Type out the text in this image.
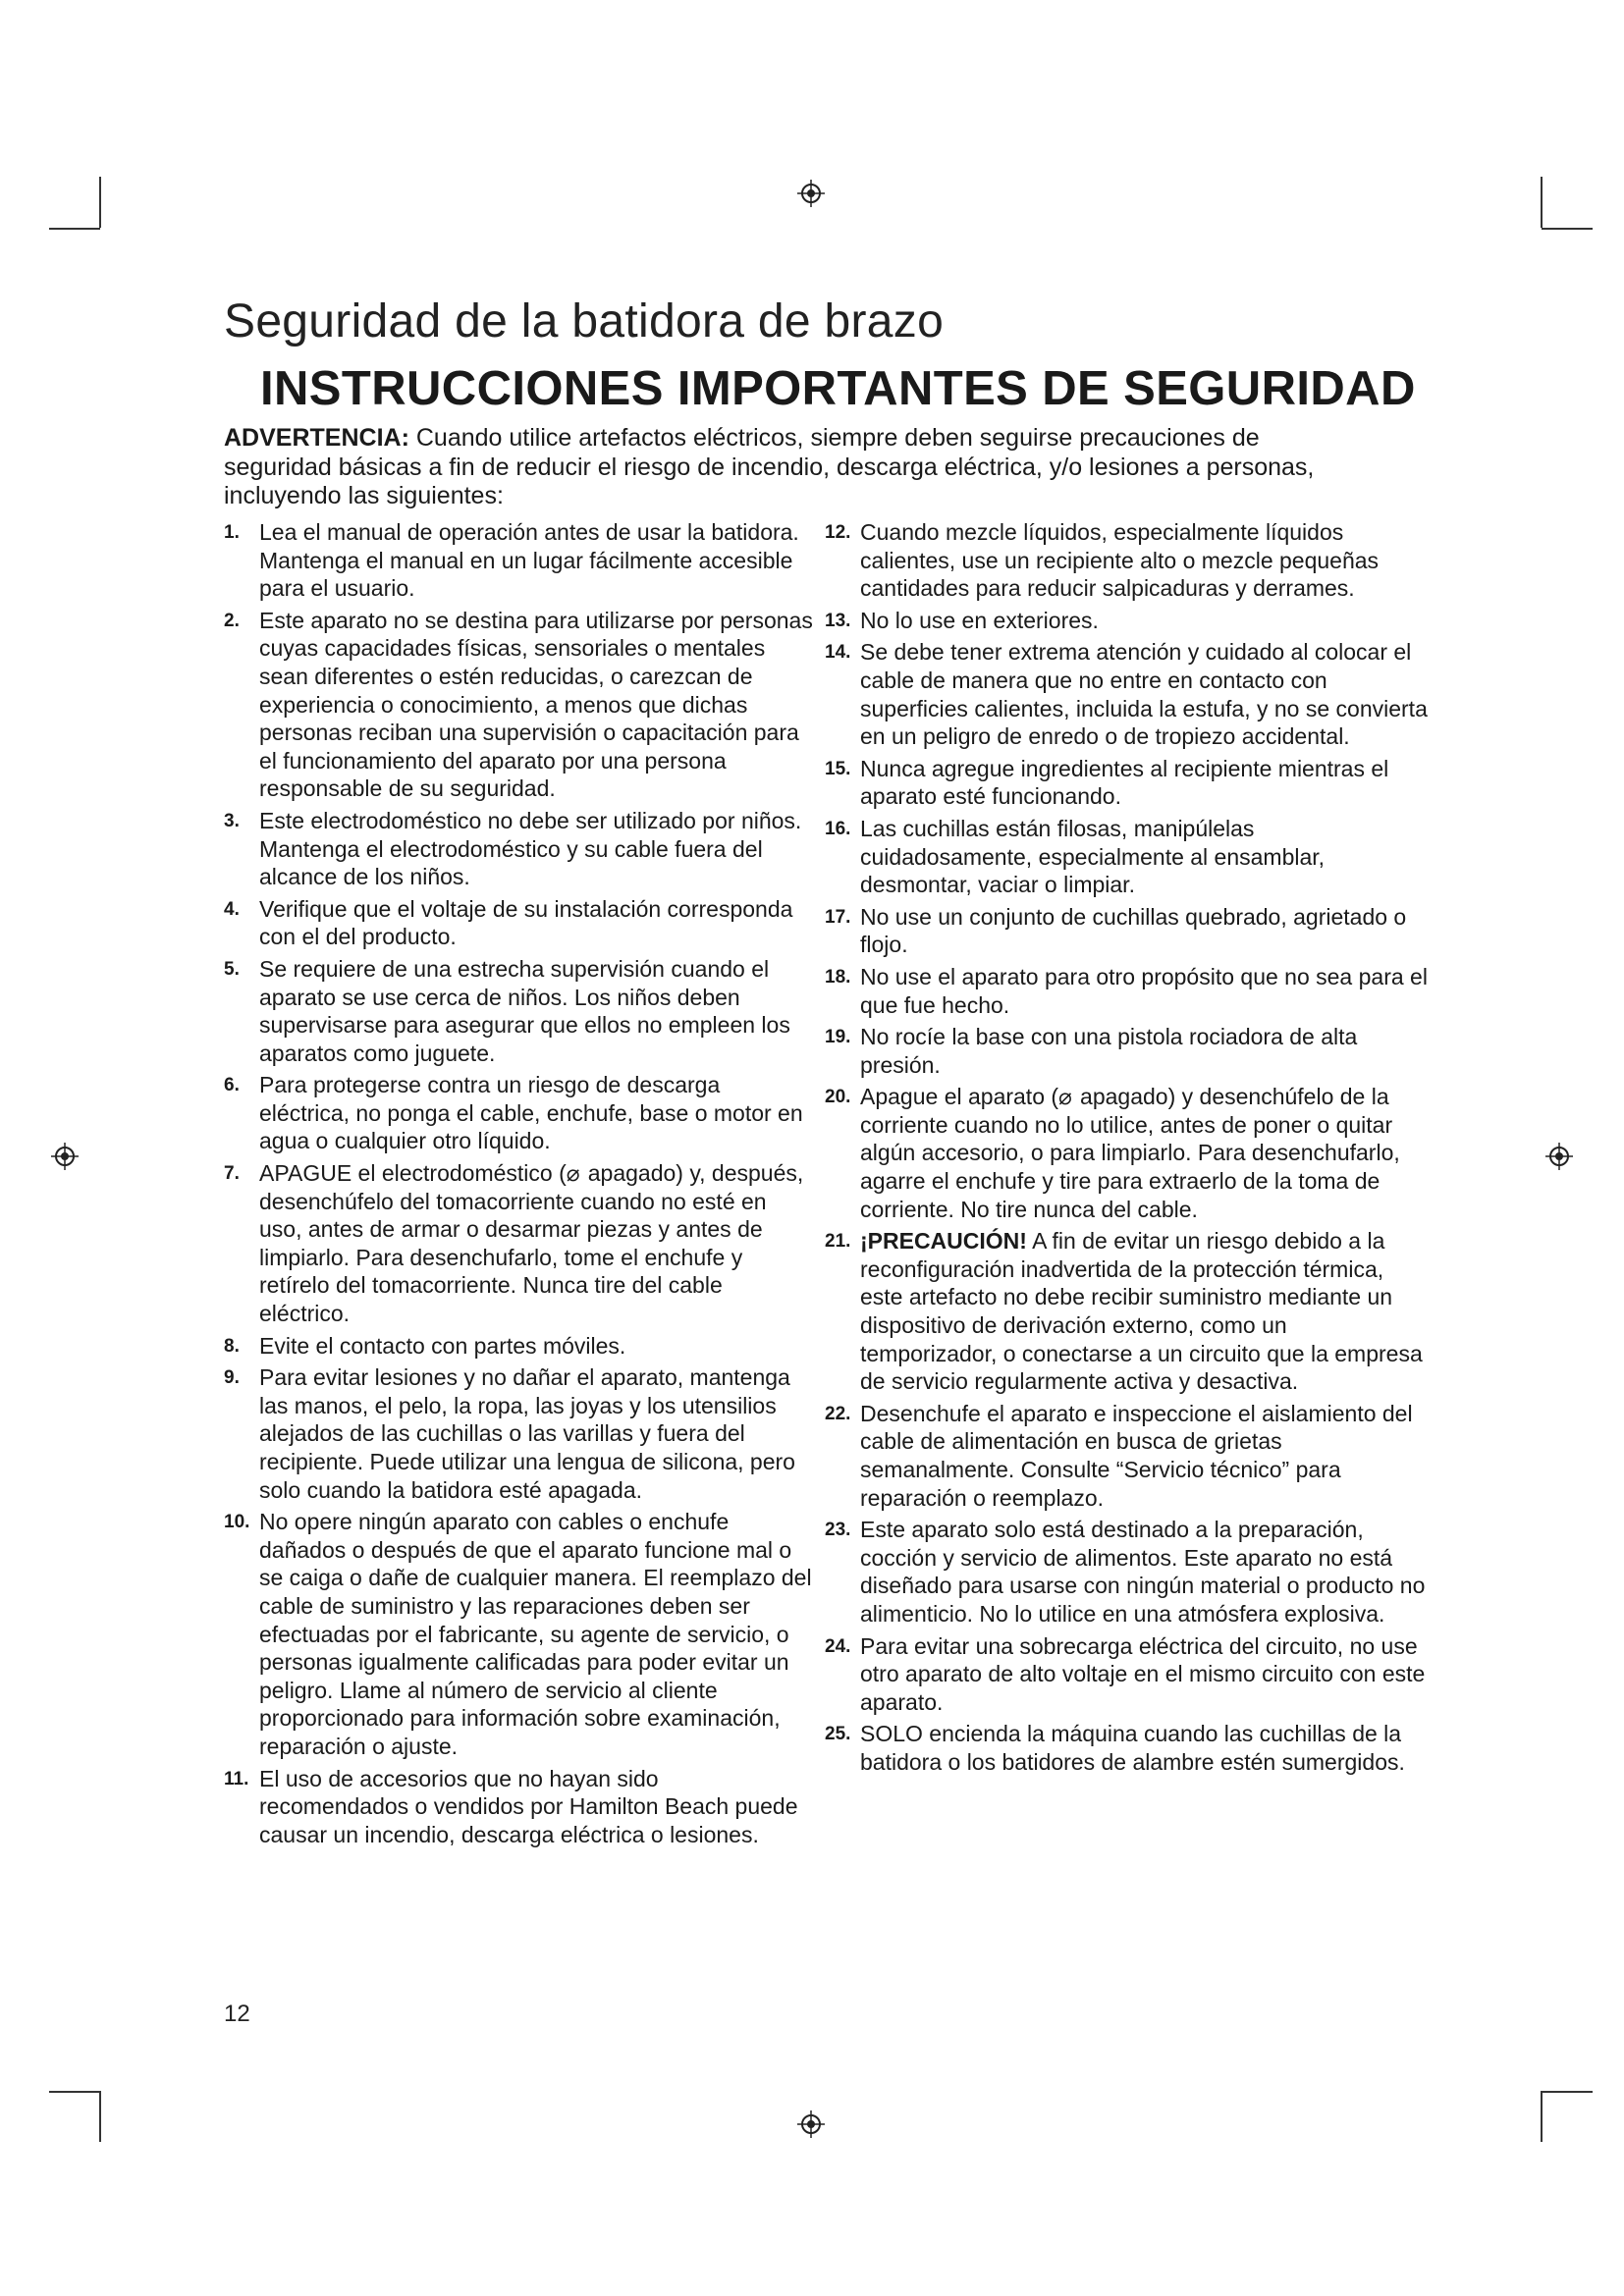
Seguridad de la batidora de brazo
INSTRUCCIONES IMPORTANTES DE SEGURIDAD

ADVERTENCIA: Cuando utilice artefactos eléctricos, siempre deben seguirse precauciones de seguridad básicas a fin de reducir el riesgo de incendio, descarga eléctrica, y/o lesiones a personas, incluyendo las siguientes:

1. Lea el manual de operación antes de usar la batidora. Mantenga el manual en un lugar fácilmente accesible para el usuario.
2. Este aparato no se destina para utilizarse por personas cuyas capacidades físicas, sensoriales o mentales sean diferentes o estén reducidas, o carezcan de experiencia o conocimiento, a menos que dichas personas reciban una supervisión o capacitación para el funcionamiento del aparato por una persona responsable de su seguridad.
3. Este electrodoméstico no debe ser utilizado por niños. Mantenga el electrodoméstico y su cable fuera del alcance de los niños.
4. Verifique que el voltaje de su instalación corresponda con el del producto.
5. Se requiere de una estrecha supervisión cuando el aparato se use cerca de niños. Los niños deben supervisarse para asegurar que ellos no empleen los aparatos como juguete.
6. Para protegerse contra un riesgo de descarga eléctrica, no ponga el cable, enchufe, base o motor en agua o cualquier otro líquido.
7. APAGUE el electrodoméstico (⌀ apagado) y, después, desenchúfelo del tomacorriente cuando no esté en uso, antes de armar o desarmar piezas y antes de limpiarlo. Para desenchufarlo, tome el enchufe y retírelo del tomacorriente. Nunca tire del cable eléctrico.
8. Evite el contacto con partes móviles.
9. Para evitar lesiones y no dañar el aparato, mantenga las manos, el pelo, la ropa, las joyas y los utensilios alejados de las cuchillas o las varillas y fuera del recipiente. Puede utilizar una lengua de silicona, pero solo cuando la batidora esté apagada.
10. No opere ningún aparato con cables o enchufe dañados o después de que el aparato funcione mal o se caiga o dañe de cualquier manera. El reemplazo del cable de suministro y las reparaciones deben ser efectuadas por el fabricante, su agente de servicio, o personas igualmente calificadas para poder evitar un peligro. Llame al número de servicio al cliente proporcionado para información sobre examinación, reparación o ajuste.
11. El uso de accesorios que no hayan sido recomendados o vendidos por Hamilton Beach puede causar un incendio, descarga eléctrica o lesiones.
12. Cuando mezcle líquidos, especialmente líquidos calientes, use un recipiente alto o mezcle pequeñas cantidades para reducir salpicaduras y derrames.
13. No lo use en exteriores.
14. Se debe tener extrema atención y cuidado al colocar el cable de manera que no entre en contacto con superficies calientes, incluida la estufa, y no se convierta en un peligro de enredo o de tropiezo accidental.
15. Nunca agregue ingredientes al recipiente mientras el aparato esté funcionando.
16. Las cuchillas están filosas, manipúlelas cuidadosamente, especialmente al ensamblar, desmontar, vaciar o limpiar.
17. No use un conjunto de cuchillas quebrado, agrietado o flojo.
18. No use el aparato para otro propósito que no sea para el que fue hecho.
19. No rocíe la base con una pistola rociadora de alta presión.
20. Apague el aparato (⌀ apagado) y desenchúfelo de la corriente cuando no lo utilice, antes de poner o quitar algún accesorio, o para limpiarlo. Para desenchufarlo, agarre el enchufe y tire para extraerlo de la toma de corriente. No tire nunca del cable.
21. ¡PRECAUCIÓN! A fin de evitar un riesgo debido a la reconfiguración inadvertida de la protección térmica, este artefacto no debe recibir suministro mediante un dispositivo de derivación externo, como un temporizador, o conectarse a un circuito que la empresa de servicio regularmente activa y desactiva.
22. Desenchufe el aparato e inspeccione el aislamiento del cable de alimentación en busca de grietas semanalmente. Consulte “Servicio técnico” para reparación o reemplazo.
23. Este aparato solo está destinado a la preparación, cocción y servicio de alimentos. Este aparato no está diseñado para usarse con ningún material o producto no alimenticio. No lo utilice en una atmósfera explosiva.
24. Para evitar una sobrecarga eléctrica del circuito, no use otro aparato de alto voltaje en el mismo circuito con este aparato.
25. SOLO encienda la máquina cuando las cuchillas de la batidora o los batidores de alambre estén sumergidos.
12
